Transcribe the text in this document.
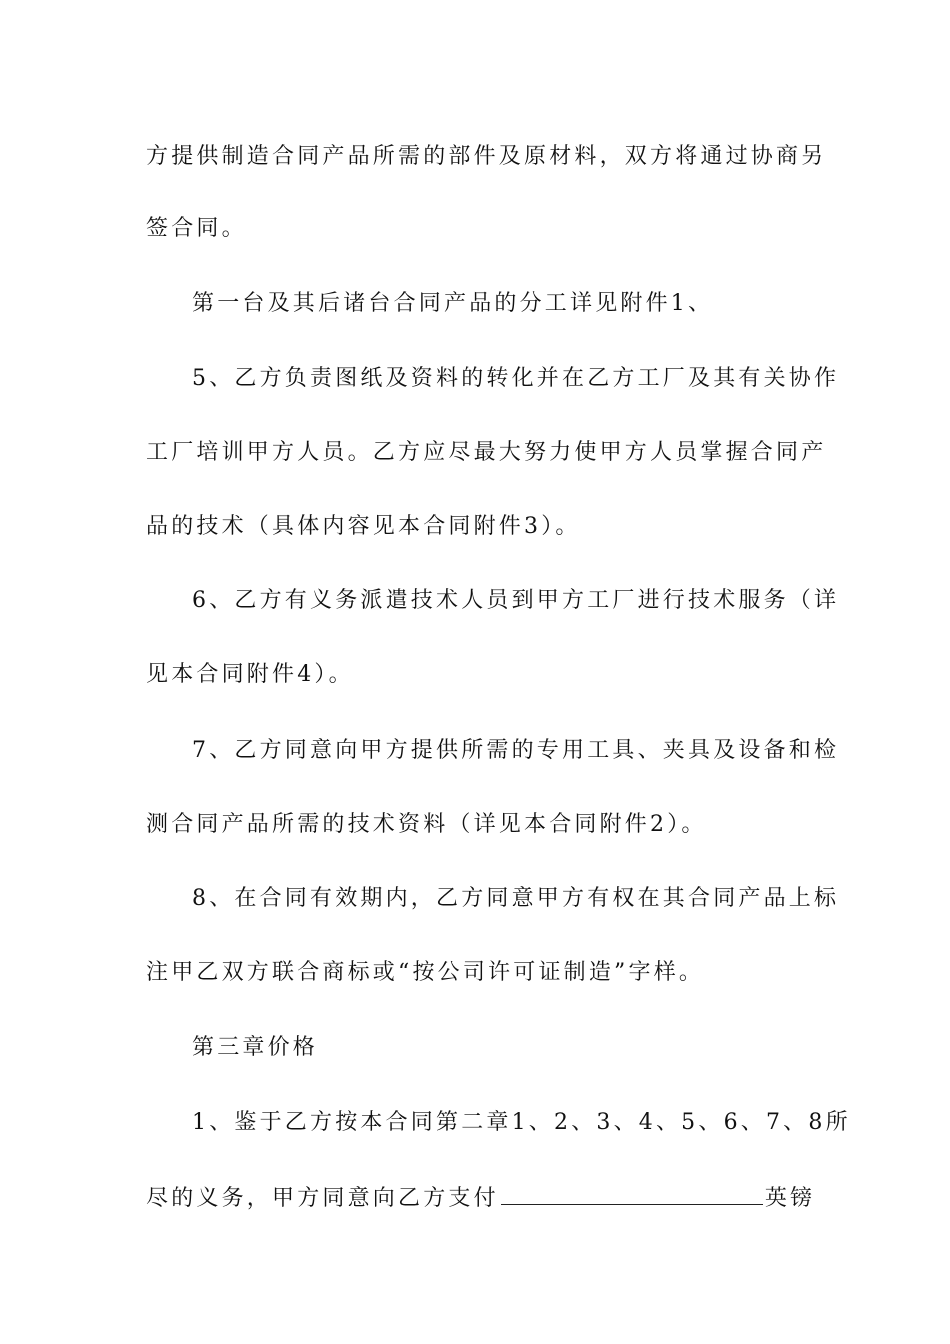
方提供制造合同产品所需的部件及原材料，双方将通过协商另
签合同。
第一台及其后诸台合同产品的分工详见附件1、
5、乙方负责图纸及资料的转化并在乙方工厂及其有关协作
工厂培训甲方人员。乙方应尽最大努力使甲方人员掌握合同产
品的技术（具体内容见本合同附件3）。
6、乙方有义务派遣技术人员到甲方工厂进行技术服务（详
见本合同附件4）。
7、乙方同意向甲方提供所需的专用工具、夹具及设备和检
测合同产品所需的技术资料（详见本合同附件2）。
8、在合同有效期内，乙方同意甲方有权在其合同产品上标
注甲乙双方联合商标或“按公司许可证制造”字样。
第三章价格
1、鉴于乙方按本合同第二章1、2、3、4、5、6、7、8所
尽的义务，甲方同意向乙方支付	英镑
